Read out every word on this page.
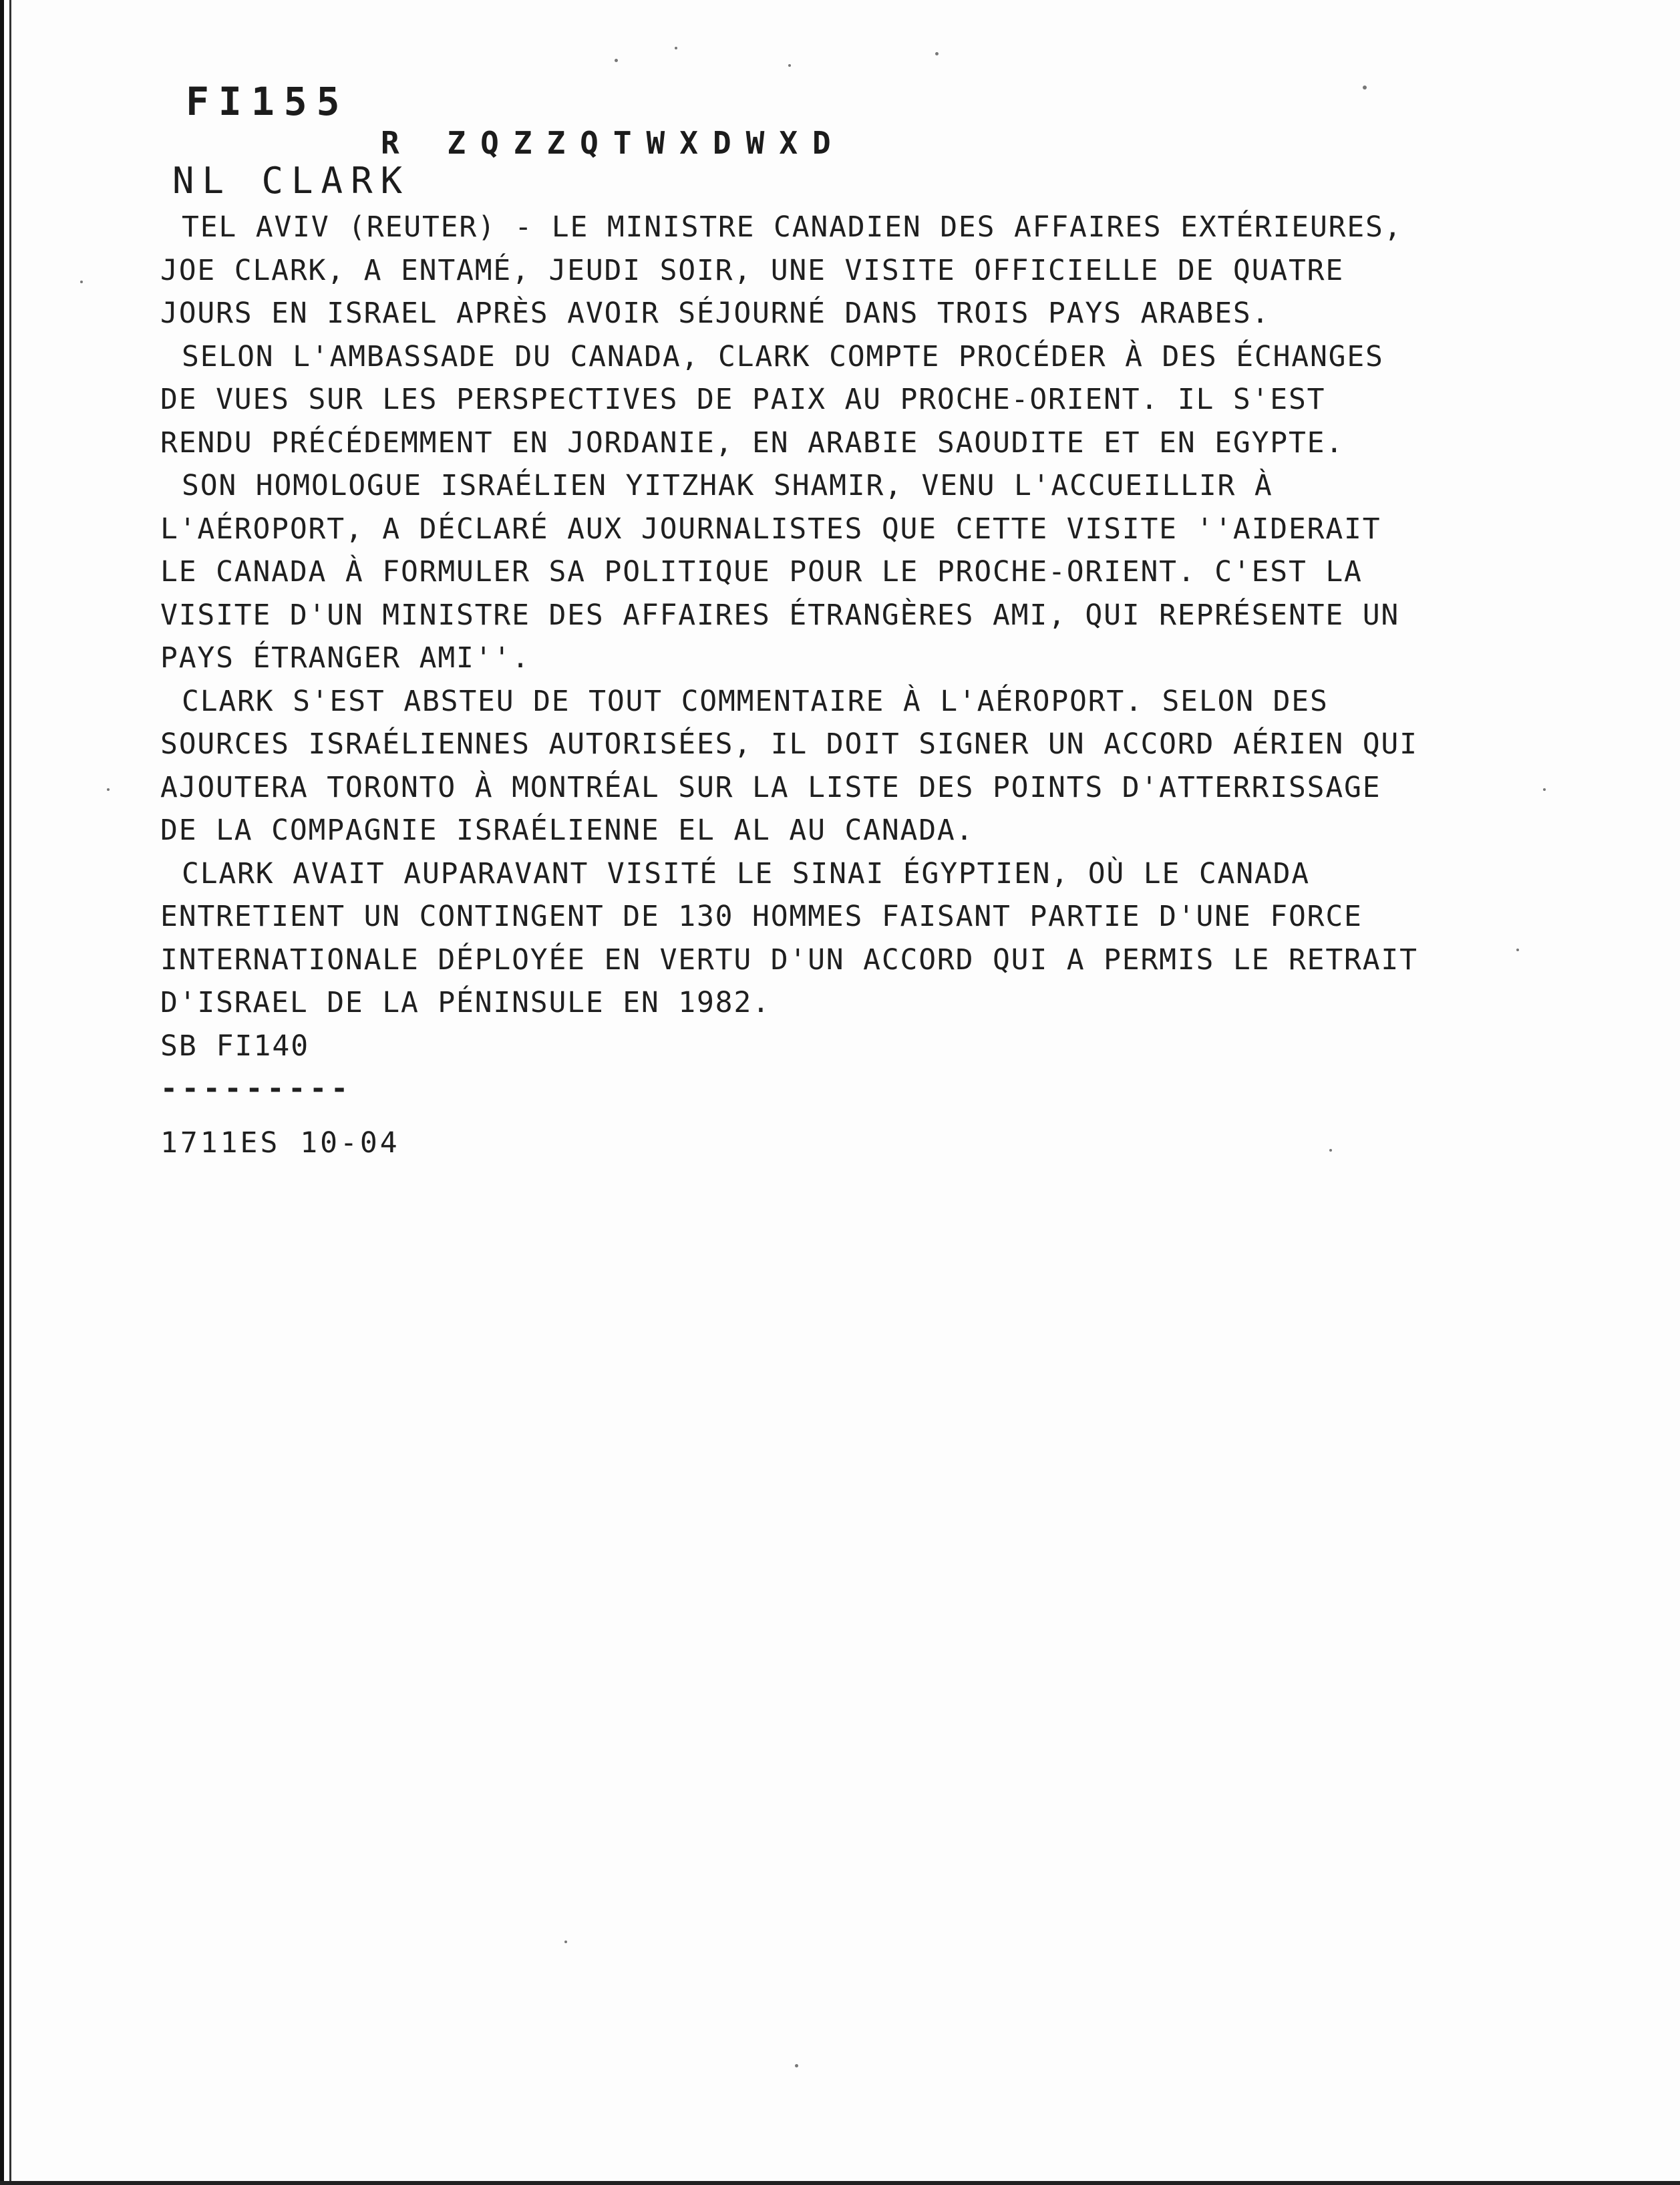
FI155
R ZQZZQTWXDWXD
NL CLARK
TEL AVIV (REUTER) - LE MINISTRE CANADIEN DES AFFAIRES EXTÉRIEURES,
JOE CLARK, A ENTAMÉ, JEUDI SOIR, UNE VISITE OFFICIELLE DE QUATRE
JOURS EN ISRAEL APRÈS AVOIR SÉJOURNÉ DANS TROIS PAYS ARABES.
SELON L'AMBASSADE DU CANADA, CLARK COMPTE PROCÉDER À DES ÉCHANGES
DE VUES SUR LES PERSPECTIVES DE PAIX AU PROCHE-ORIENT. IL S'EST
RENDU PRÉCÉDEMMENT EN JORDANIE, EN ARABIE SAOUDITE ET EN EGYPTE.
SON HOMOLOGUE ISRAÉLIEN YITZHAK SHAMIR, VENU L'ACCUEILLIR À
L'AÉROPORT, A DÉCLARÉ AUX JOURNALISTES QUE CETTE VISITE ''AIDERAIT
LE CANADA À FORMULER SA POLITIQUE POUR LE PROCHE-ORIENT. C'EST LA
VISITE D'UN MINISTRE DES AFFAIRES ÉTRANGÈRES AMI, QUI REPRÉSENTE UN
PAYS ÉTRANGER AMI''.
CLARK S'EST ABSTEU DE TOUT COMMENTAIRE À L'AÉROPORT. SELON DES
SOURCES ISRAÉLIENNES AUTORISÉES, IL DOIT SIGNER UN ACCORD AÉRIEN QUI
AJOUTERA TORONTO À MONTRÉAL SUR LA LISTE DES POINTS D'ATTERRISSAGE
DE LA COMPAGNIE ISRAÉLIENNE EL AL AU CANADA.
CLARK AVAIT AUPARAVANT VISITÉ LE SINAI ÉGYPTIEN, OÙ LE CANADA
ENTRETIENT UN CONTINGENT DE 130 HOMMES FAISANT PARTIE D'UNE FORCE
INTERNATIONALE DÉPLOYÉE EN VERTU D'UN ACCORD QUI A PERMIS LE RETRAIT
D'ISRAEL DE LA PÉNINSULE EN 1982.
SB FI140
---------
1711ES 10-04
